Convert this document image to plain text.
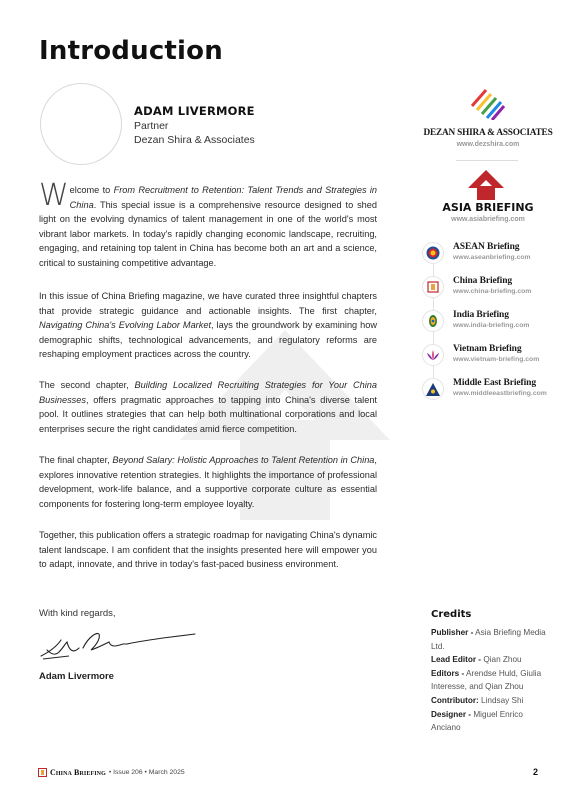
Introduction
ADAM LIVERMORE
Partner
Dezan Shira & Associates

Welcome to From Recruitment to Retention: Talent Trends and Strategies in China. This special issue is a comprehensive resource designed to shed light on the evolving dynamics of talent management in one of the world's most vibrant labor markets. In today's rapidly changing economic landscape, recruiting, engaging, and retaining top talent in China has become both an art and a science, critical to sustaining competitive advantage.

In this issue of China Briefing magazine, we have curated three insightful chapters that provide strategic guidance and actionable insights. The first chapter, Navigating China's Evolving Labor Market, lays the groundwork by examining how demographic shifts, technological advancements, and regulatory reforms are reshaping employment practices across the country.

The second chapter, Building Localized Recruiting Strategies for Your China Businesses, offers pragmatic approaches to tapping into China's diverse talent pool. It outlines strategies that can help both multinational corporations and local enterprises secure the right candidates amid fierce competition.

The final chapter, Beyond Salary: Holistic Approaches to Talent Retention in China, explores innovative retention strategies. It highlights the importance of professional development, work-life balance, and a supportive corporate culture as essential components for fostering long-term employee loyalty.

Together, this publication offers a strategic roadmap for navigating China's dynamic talent landscape. I am confident that the insights presented here will empower you to adapt, innovate, and thrive in today's fast-paced business environment.

With kind regards,
Adam Livermore
DEZAN SHIRA & ASSOCIATES
www.dezshira.com
ASIA BRIEFING
www.asiabriefing.com
ASEAN Briefing
www.aseanbriefing.com
China Briefing
www.china-briefing.com
India Briefing
www.india-briefing.com
Vietnam Briefing
www.vietnam-briefing.com
Middle East Briefing
www.middleeastbriefing.com
Credits
Publisher - Asia Briefing Media Ltd.
Lead Editor - Qian Zhou
Editors - Arendse Huld, Giulia Interesse, and Qian Zhou
Contributor: Lindsay Shi
Designer - Miguel Enrico Anciano
China Briefing • Issue 206 • March 2025	2
